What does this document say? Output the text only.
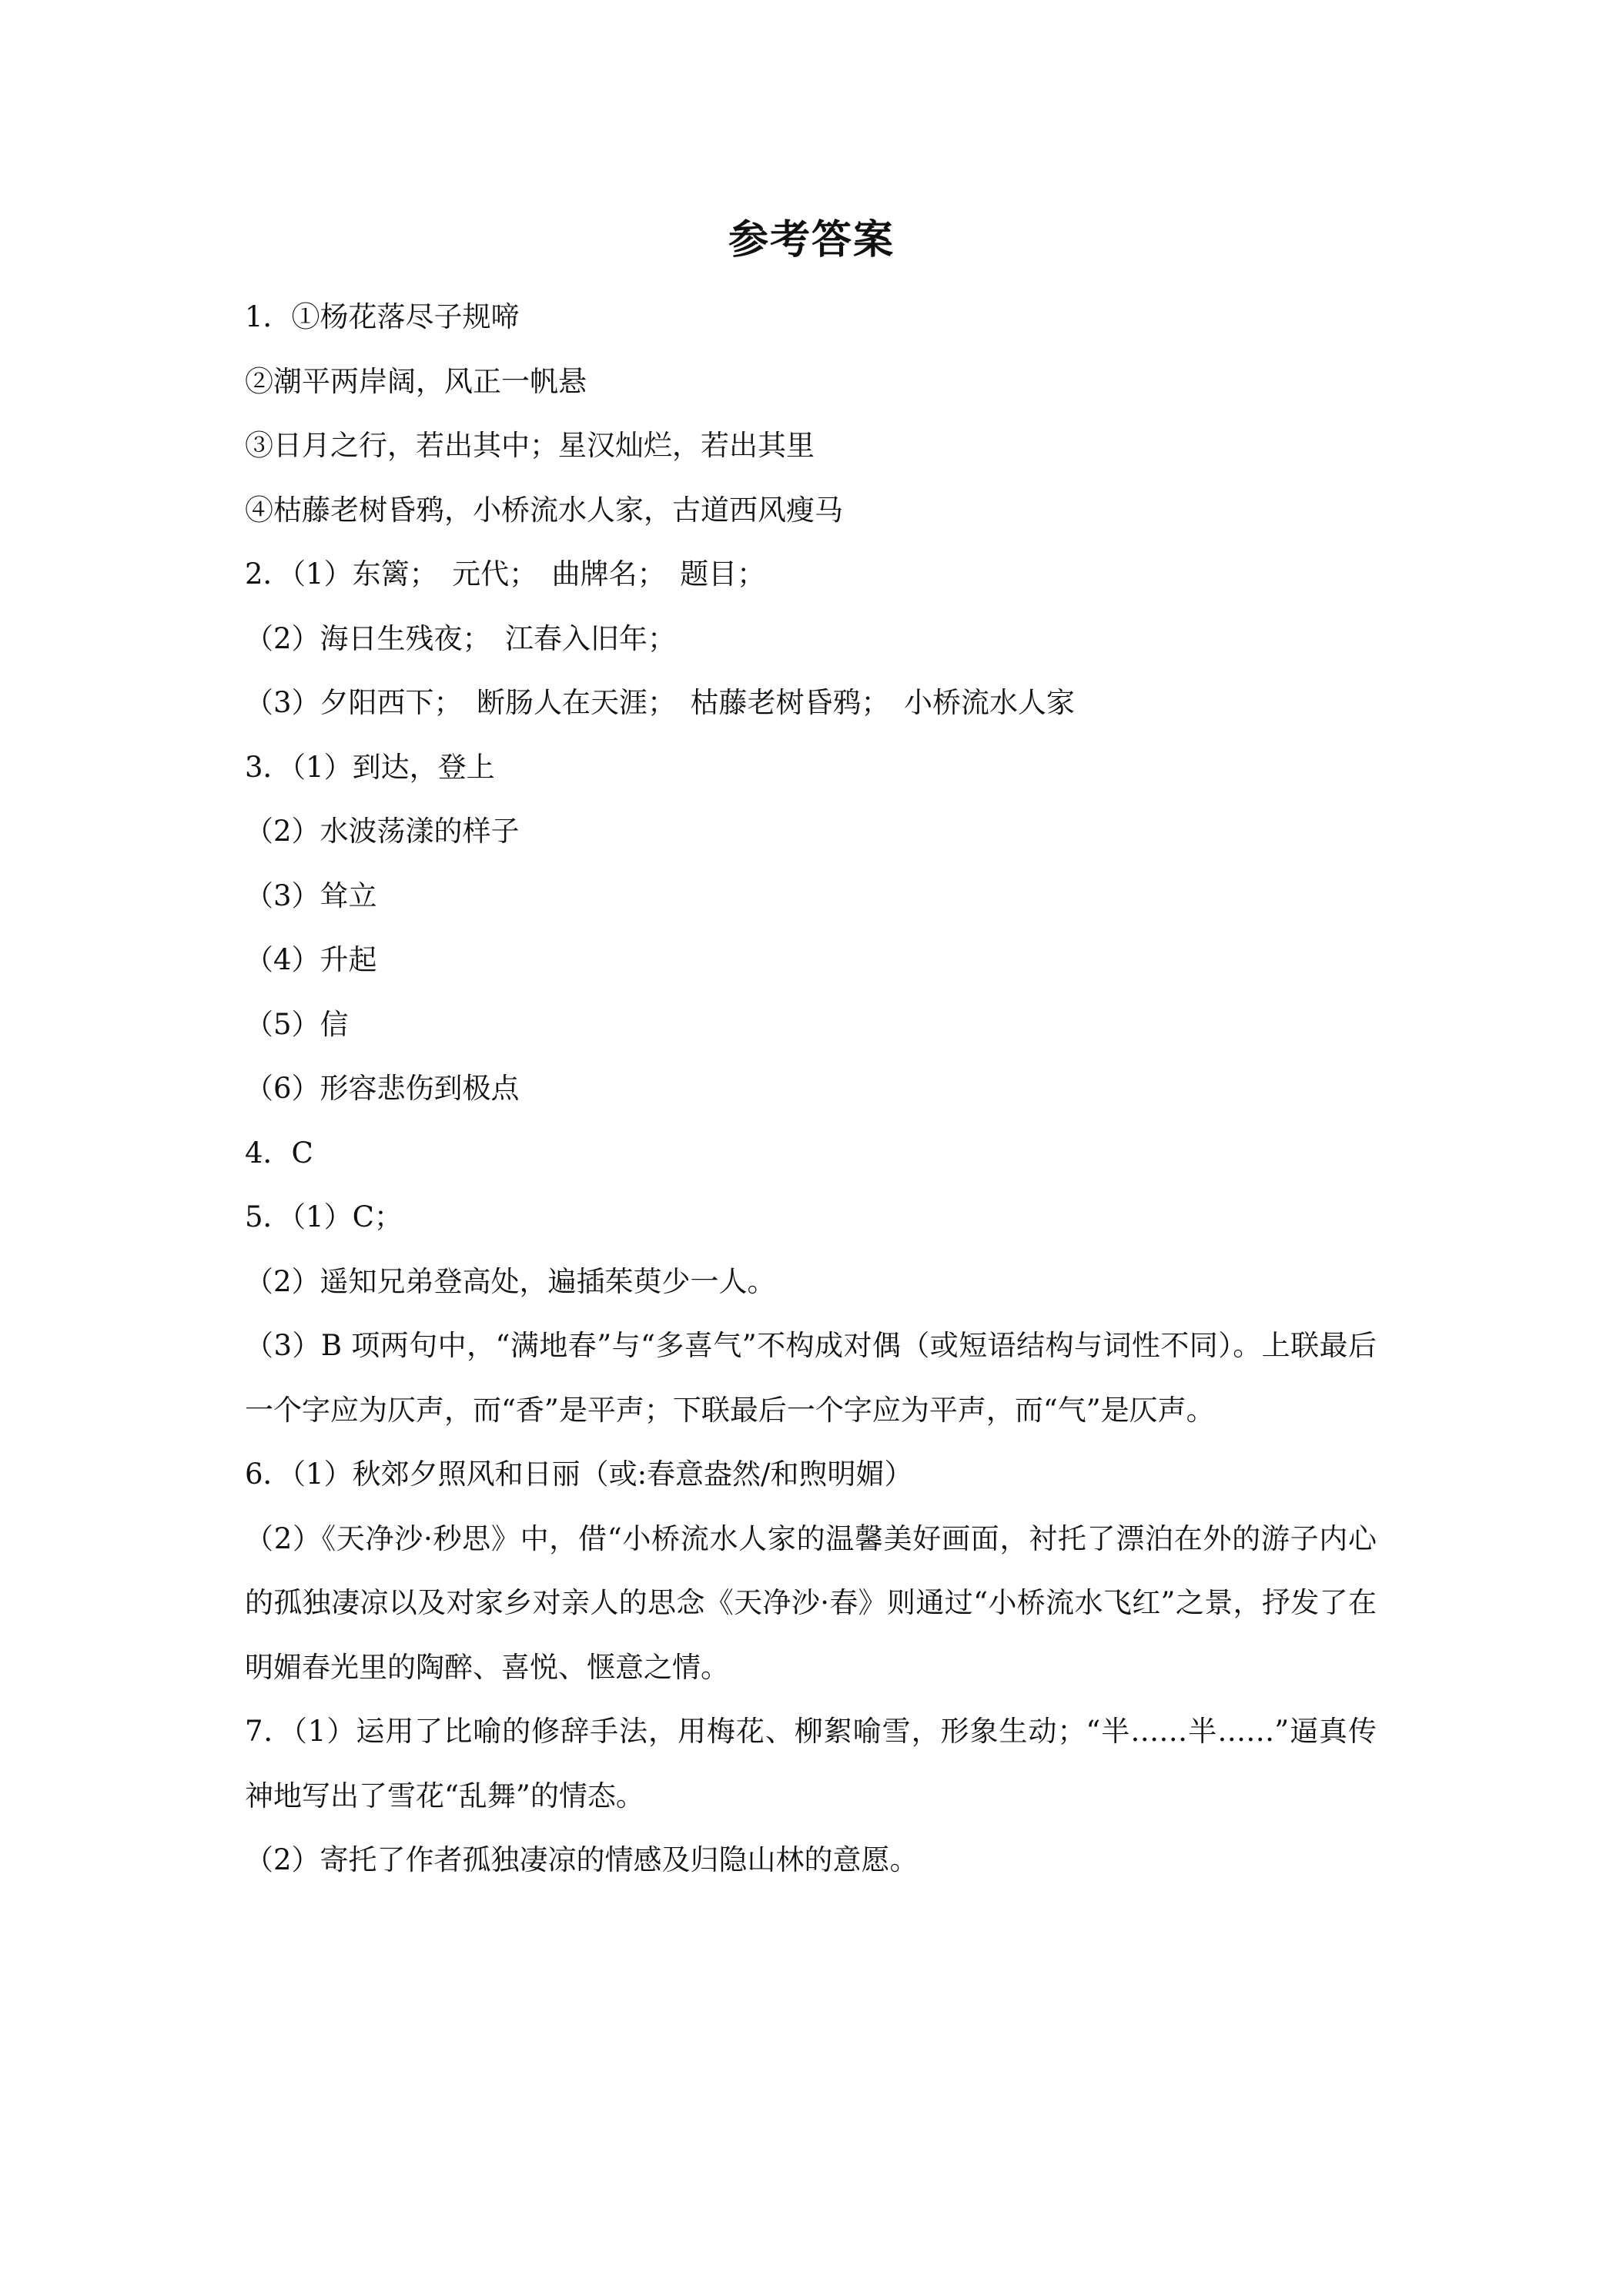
参考答案
1．①杨花落尽子规啼
②潮平两岸阔，风正一帆悬
③日月之行，若出其中；星汉灿烂，若出其里
④枯藤老树昏鸦，小桥流水人家，古道西风瘦马
2．（1）东篱；　元代；　曲牌名；　题目；
（2）海日生残夜；　江春入旧年；
（3）夕阳西下；　断肠人在天涯；　枯藤老树昏鸦；　小桥流水人家
3．（1）到达，登上
（2）水波荡漾的样子
（3）耸立
（4）升起
（5）信
（6）形容悲伤到极点
4．C
5．（1）C；
（2）遥知兄弟登高处，遍插茱萸少一人。
（3）B 项两句中，“满地春”与“多喜气”不构成对偶（或短语结构与词性不同）。上联最后一个字应为仄声，而“香”是平声；下联最后一个字应为平声，而“气”是仄声。
6．（1）秋郊夕照风和日丽（或:春意盎然/和煦明媚）
（2）《天净沙·秒思》中，借“小桥流水人家的温馨美好画面，衬托了漂泊在外的游子内心的孤独凄凉以及对家乡对亲人的思念《天净沙·春》则通过“小桥流水飞红”之景，抒发了在明媚春光里的陶醉、喜悦、惬意之情。
7．（1）运用了比喻的修辞手法，用梅花、柳絮喻雪，形象生动；“半……半……”逼真传神地写出了雪花“乱舞”的情态。
（2）寄托了作者孤独凄凉的情感及归隐山林的意愿。
